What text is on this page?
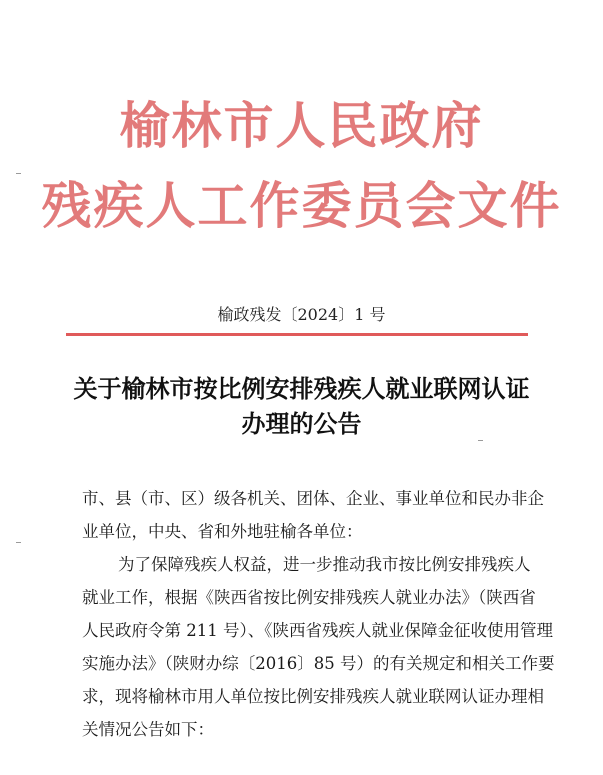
榆林市人民政府
残疾人工作委员会文件
榆政残发〔2024〕1 号
关于榆林市按比例安排残疾人就业联网认证
办理的公告
市、县（市、区）级各机关、团体、企业、事业单位和民办非企
业单位，中央、省和外地驻榆各单位：
为了保障残疾人权益，进一步推动我市按比例安排残疾人
就业工作，根据《陕西省按比例安排残疾人就业办法》（陕西省
人民政府令第 211 号）、《陕西省残疾人就业保障金征收使用管理
实施办法》（陕财办综〔2016〕85 号）的有关规定和相关工作要
求，现将榆林市用人单位按比例安排残疾人就业联网认证办理相
关情况公告如下：
